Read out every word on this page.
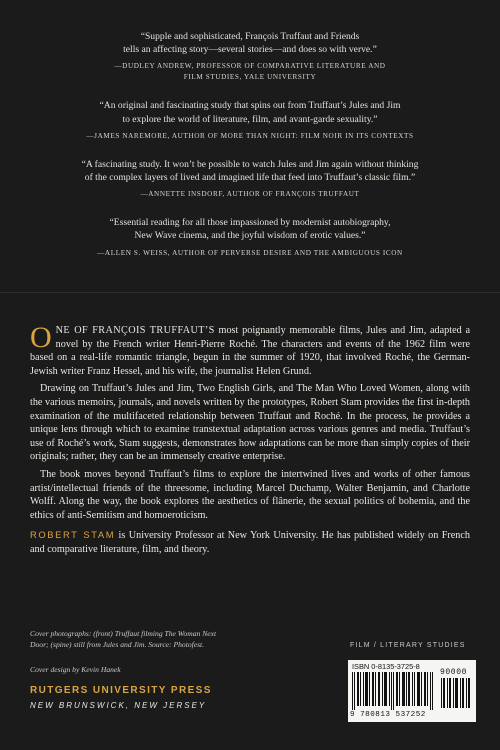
“Supple and sophisticated, François Truffaut and Friends
tells an affecting story—several stories—and does so with verve.”
—DUDLEY ANDREW, PROFESSOR OF COMPARATIVE LITERATURE AND
FILM STUDIES, YALE UNIVERSITY
“An original and fascinating study that spins out from Truffaut’s Jules and Jim
to explore the world of literature, film, and avant-garde sexuality.”
—JAMES NAREMORE, AUTHOR OF MORE THAN NIGHT: FILM NOIR IN ITS CONTEXTS
“A fascinating study. It won’t be possible to watch Jules and Jim again without thinking
of the complex layers of lived and imagined life that feed into Truffaut’s classic film.”
—ANNETTE INSDORF, AUTHOR OF FRANÇOIS TRUFFAUT
“Essential reading for all those impassioned by modernist autobiography,
New Wave cinema, and the joyful wisdom of erotic values.”
—ALLEN S. WEISS, AUTHOR OF PERVERSE DESIRE AND THE AMBIGUOUS ICON

ONE OF FRANÇOIS TRUFFAUT’S most poignantly memorable films, Jules and Jim, adapted a novel by the French writer Henri-Pierre Roché. The characters and events of the 1962 film were based on a real-life romantic triangle, begun in the summer of 1920, that involved Roché, the German-Jewish writer Franz Hessel, and his wife, the journalist Helen Grund.

Drawing on Truffaut’s Jules and Jim, Two English Girls, and The Man Who Loved Women, along with the various memoirs, journals, and novels written by the prototypes, Robert Stam provides the first in-depth examination of the multifaceted relationship between Truffaut and Roché. In the process, he provides a unique lens through which to examine transtextual adaptation across various genres and media. Truffaut’s use of Roché’s work, Stam suggests, demonstrates how adaptations can be more than simply copies of their originals; rather, they can be an immensely creative enterprise.

The book moves beyond Truffaut’s films to explore the intertwined lives and works of other famous artist/intellectual friends of the threesome, including Marcel Duchamp, Walter Benjamin, and Charlotte Wolff. Along the way, the book explores the aesthetics of flânerie, the sexual politics of bohemia, and the ethics of anti-Semitism and homoeroticism.

ROBERT STAM is University Professor at New York University. He has published widely on French and comparative literature, film, and theory.

Cover photographs: (front) Truffaut filming The Woman Next
Door; (spine) still from Jules and Jim. Source: Photofest.
Cover design by Kevin Hanek
RUTGERS UNIVERSITY PRESS
NEW BRUNSWICK, NEW JERSEY
FILM / LITERARY STUDIES
ISBN 0-8135-3725-8
90000
9 780813 537252
